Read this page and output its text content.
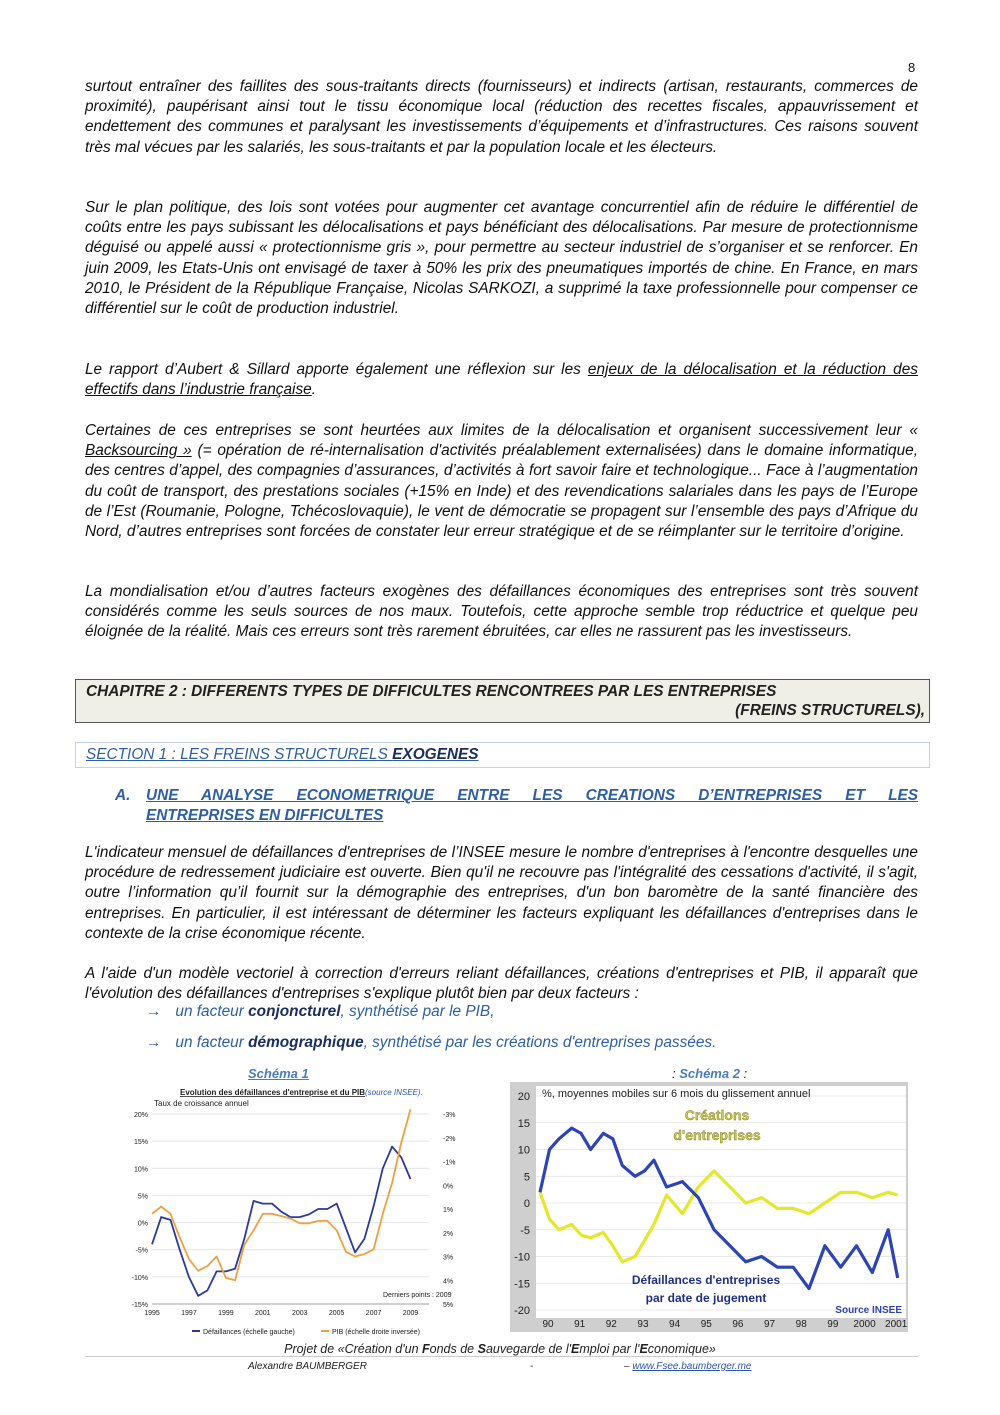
8
surtout entraîner des faillites des sous-traitants directs (fournisseurs) et indirects (artisan, restaurants, commerces de proximité), paupérisant ainsi tout le tissu économique local (réduction des recettes fiscales, appauvrissement et endettement des communes et paralysant les investissements d’équipements et d’infrastructures. Ces raisons souvent très mal vécues par les salariés, les sous-traitants et par la population locale et les électeurs.
Sur le plan politique, des lois sont votées pour augmenter cet avantage concurrentiel afin de réduire le différentiel de coûts entre les pays subissant les délocalisations et pays bénéficiant des délocalisations. Par mesure de protectionnisme déguisé ou appelé aussi « protectionnisme gris », pour permettre au secteur industriel de s’organiser et se renforcer. En juin 2009, les Etats-Unis ont envisagé de taxer à 50% les prix des pneumatiques importés de chine. En France, en mars 2010, le Président de la République Française, Nicolas SARKOZI, a supprimé la taxe professionnelle pour compenser ce différentiel sur le coût de production industriel.
Le rapport d’Aubert & Sillard apporte également une réflexion sur les enjeux de la délocalisation et la réduction des effectifs dans l’industrie française.
Certaines de ces entreprises se sont heurtées aux limites de la délocalisation et organisent successivement leur « Backsourcing » (= opération de ré-internalisation d'activités préalablement externalisées) dans le domaine informatique, des centres d’appel, des compagnies d’assurances, d’activités à fort savoir faire et technologique... Face à l’augmentation du coût de transport, des prestations sociales (+15% en Inde) et des revendications salariales dans les pays de l’Europe de l’Est (Roumanie, Pologne, Tchécoslovaquie), le vent de démocratie se propagent sur l’ensemble des pays d’Afrique du Nord, d’autres entreprises sont forcées de constater leur erreur stratégique et de se réimplanter sur le territoire d’origine.
La mondialisation et/ou d’autres facteurs exogènes des défaillances économiques des entreprises sont très souvent considérés comme les seuls sources de nos maux. Toutefois, cette approche semble trop réductrice et quelque peu éloignée de la réalité. Mais ces erreurs sont très rarement ébruitées, car elles ne rassurent pas les investisseurs.
CHAPITRE 2 : DIFFERENTS TYPES DE DIFFICULTES RENCONTREES PAR LES ENTREPRISES
(FREINS STRUCTURELS),
SECTION 1 : LES FREINS STRUCTURELS EXOGENES
A. UNE ANALYSE ECONOMETRIQUE ENTRE LES CREATIONS D’ENTREPRISES ET LES
ENTREPRISES EN DIFFICULTES
L'indicateur mensuel de défaillances d'entreprises de l’INSEE mesure le nombre d'entreprises à l'encontre desquelles une procédure de redressement judiciaire est ouverte. Bien qu'il ne recouvre pas l'intégralité des cessations d'activité, il s'agit, outre l’information qu’il fournit sur la démographie des entreprises, d'un bon baromètre de la santé financière des entreprises. En particulier, il est intéressant de déterminer les facteurs expliquant les défaillances d'entreprises dans le contexte de la crise économique récente.
A l'aide d'un modèle vectoriel à correction d'erreurs reliant défaillances, créations d'entreprises et PIB, il apparaît que l'évolution des défaillances d'entreprises s'explique plutôt bien par deux facteurs :
→ un facteur conjoncturel, synthétisé par le PIB,
→ un facteur démographique, synthétisé par les créations d'entreprises passées.
Schéma 1	: Schéma 2 :
Evolution des défaillances d'entreprise et du PIB (source INSEE).
Taux de croissance annuel
Derniers points : 2009
Défaillances (échelle gauche)	PIB (échelle droite inversée)
20%
15%
10%
5%
0%
-5%
-10%
-15%
-3%
-2%
-1%
0%
1%
2%
3%
4%
5%
1995	1997	1999	2001	2003	2005	2007	2009
%, moyennes mobiles sur 6 mois du glissement annuel
Créations
d'entreprises
Défaillances d'entreprises
par date de jugement
Source INSEE
20
15
10
5
0
-5
-10
-15
-20
90 91 92 93 94 95 96 97 98 99 2000 2001
Projet de «Création d'un Fonds de Sauvegarde de l'Emploi par l'Economique»
Alexandre BAUMBERGER	-	– www.Fsee.baumberger.me
